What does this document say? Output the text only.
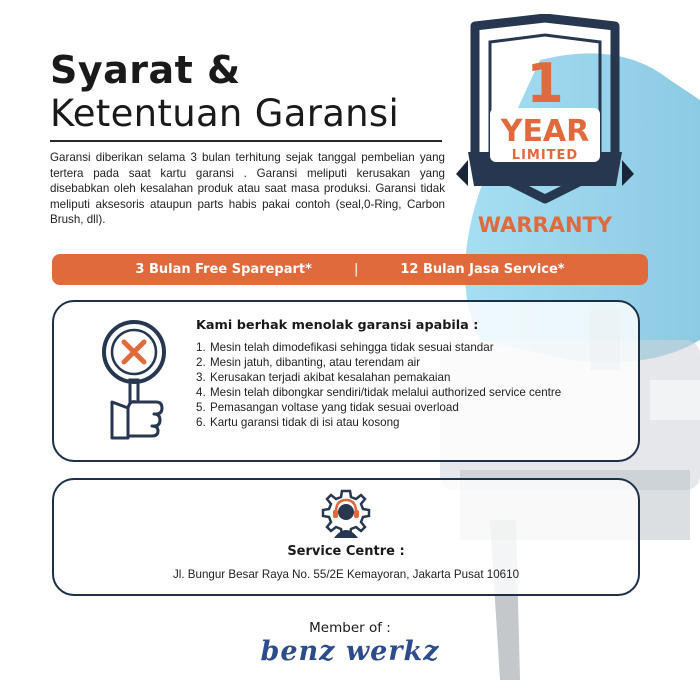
Syarat &
Ketentuan Garansi

Garansi diberikan selama 3 bulan terhitung sejak tanggal pembelian yang tertera pada saat kartu garansi . Garansi meliputi kerusakan yang disebabkan oleh kesalahan produk atau saat masa produksi. Garansi tidak meliputi aksesoris ataupun parts habis pakai contoh (seal,0-Ring, Carbon Brush, dll).

1
YEAR
LIMITED
WARRANTY
3 Bulan Free Sparepart*	|	12 Bulan Jasa Service*
Kami berhak menolak garansi apabila :
1. Mesin telah dimodefikasi sehingga tidak sesuai standar
2. Mesin jatuh, dibanting, atau terendam air
3. Kerusakan terjadi akibat kesalahan pemakaian
4. Mesin telah dibongkar sendiri/tidak melalui authorized service centre
5. Pemasangan voltase yang tidak sesuai overload
6. Kartu garansi tidak di isi atau kosong
Service Centre :
Jl. Bungur Besar Raya No. 55/2E Kemayoran, Jakarta Pusat 10610
Member of :
benz werkz
